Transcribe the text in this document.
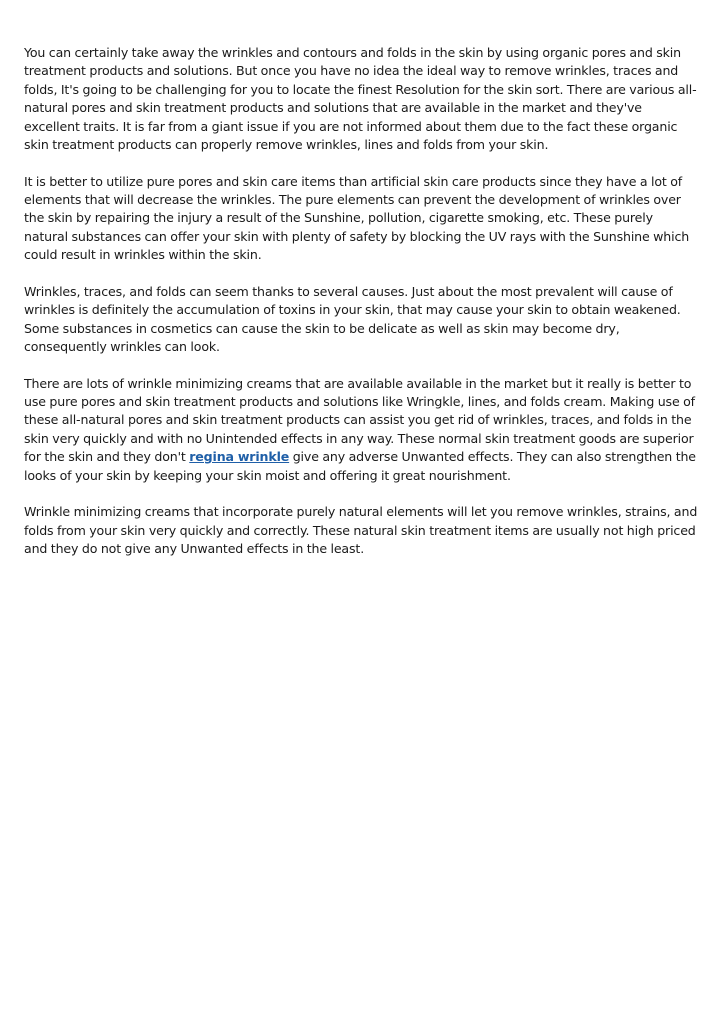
You can certainly take away the wrinkles and contours and folds in the skin by using organic pores and skin treatment products and solutions. But once you have no idea the ideal way to remove wrinkles, traces and folds, It's going to be challenging for you to locate the finest Resolution for the skin sort. There are various all-natural pores and skin treatment products and solutions that are available in the market and they've excellent traits. It is far from a giant issue if you are not informed about them due to the fact these organic skin treatment products can properly remove wrinkles, lines and folds from your skin.

It is better to utilize pure pores and skin care items than artificial skin care products since they have a lot of elements that will decrease the wrinkles. The pure elements can prevent the development of wrinkles over the skin by repairing the injury a result of the Sunshine, pollution, cigarette smoking, etc. These purely natural substances can offer your skin with plenty of safety by blocking the UV rays with the Sunshine which could result in wrinkles within the skin.

Wrinkles, traces, and folds can seem thanks to several causes. Just about the most prevalent will cause of wrinkles is definitely the accumulation of toxins in your skin, that may cause your skin to obtain weakened. Some substances in cosmetics can cause the skin to be delicate as well as skin may become dry, consequently wrinkles can look.

There are lots of wrinkle minimizing creams that are available available in the market but it really is better to use pure pores and skin treatment products and solutions like Wringkle, lines, and folds cream. Making use of these all-natural pores and skin treatment products can assist you get rid of wrinkles, traces, and folds in the skin very quickly and with no Unintended effects in any way. These normal skin treatment goods are superior for the skin and they don't regina wrinkle give any adverse Unwanted effects. They can also strengthen the looks of your skin by keeping your skin moist and offering it great nourishment.

Wrinkle minimizing creams that incorporate purely natural elements will let you remove wrinkles, strains, and folds from your skin very quickly and correctly. These natural skin treatment items are usually not high priced and they do not give any Unwanted effects in the least.
